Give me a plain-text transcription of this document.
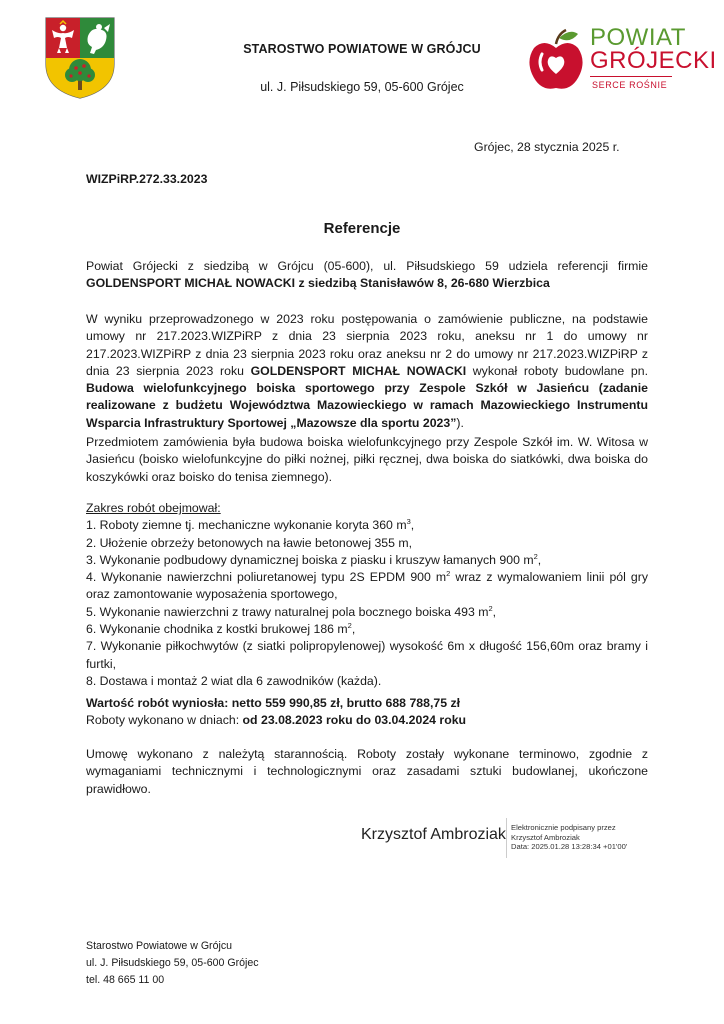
STAROSTWO POWIATOWE W GRÓJCU
ul. J. Piłsudskiego 59, 05-600 Grójec
POWIAT
GRÓJECKI
SERCE ROŚNIE
Grójec, 28 stycznia 2025 r.
WIZPiRP.272.33.2023
Referencje
Powiat Grójecki z siedzibą w Grójcu (05-600), ul. Piłsudskiego 59 udziela referencji firmie GOLDENSPORT MICHAŁ NOWACKI z siedzibą Stanisławów 8, 26-680 Wierzbica
W wyniku przeprowadzonego w 2023 roku postępowania o zamówienie publiczne, na podstawie umowy nr 217.2023.WIZPiRP z dnia 23 sierpnia 2023 roku, aneksu nr 1 do umowy nr 217.2023.WIZPiRP z dnia 23 sierpnia 2023 roku oraz aneksu nr 2 do umowy nr 217.2023.WIZPiRP z dnia 23 sierpnia 2023 roku GOLDENSPORT MICHAŁ NOWACKI wykonał roboty budowlane pn. Budowa wielofunkcyjnego boiska sportowego przy Zespole Szkół w Jasieńcu (zadanie realizowane z budżetu Województwa Mazowieckiego w ramach Mazowieckiego Instrumentu Wsparcia Infrastruktury Sportowej „Mazowsze dla sportu 2023”).
Przedmiotem zamówienia była budowa boiska wielofunkcyjnego przy Zespole Szkół im. W. Witosa w Jasieńcu (boisko wielofunkcyjne do piłki nożnej, piłki ręcznej, dwa boiska do siatkówki, dwa boiska do koszykówki oraz boisko do tenisa ziemnego).
Zakres robót obejmował:
1. Roboty ziemne tj. mechaniczne wykonanie koryta 360 $m^3$,
2. Ułożenie obrzeży betonowych na ławie betonowej 355 m,
3. Wykonanie podbudowy dynamicznej boiska z piasku i kruszyw łamanych 900 $m^2$,
4. Wykonanie nawierzchni poliuretanowej typu 2S EPDM 900 $m^2$ wraz z wymalowaniem linii pól gry oraz zamontowanie wyposażenia sportowego,
5. Wykonanie nawierzchni z trawy naturalnej pola bocznego boiska 493 $m^2$,
6. Wykonanie chodnika z kostki brukowej 186 $m^2$,
7. Wykonanie piłkochwytów (z siatki polipropylenowej) wysokość 6m x długość 156,60m oraz bramy i furtki,
8. Dostawa i montaż 2 wiat dla 6 zawodników (każda).
Wartość robót wyniosła: netto 559 990,85 zł, brutto 688 788,75 zł
Roboty wykonano w dniach: od 23.08.2023 roku do 03.04.2024 roku
Umowę wykonano z należytą starannością. Roboty zostały wykonane terminowo, zgodnie z wymaganiami technicznymi i technologicznymi oraz zasadami sztuki budowlanej, ukończone prawidłowo.
Krzysztof Ambroziak Elektronicznie podpisany przez
Krzysztof Ambroziak
Data: 2025.01.28 13:28:34 +01'00'
Starostwo Powiatowe w Grójcu
ul. J. Piłsudskiego 59, 05-600 Grójec
tel. 48 665 11 00
